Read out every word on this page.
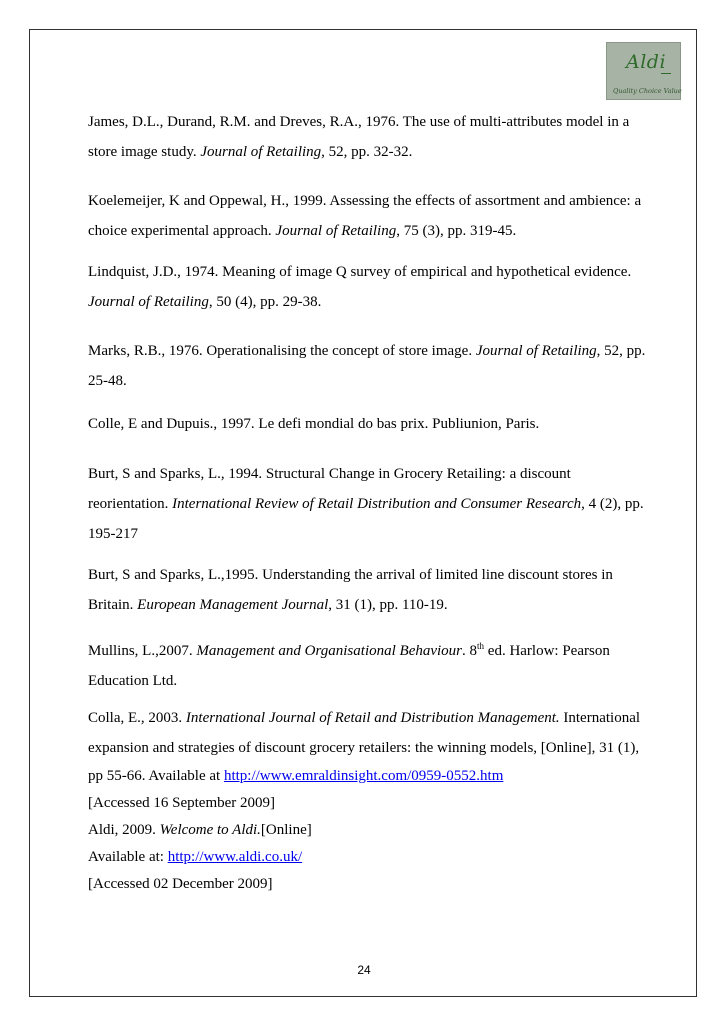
Aldi
Quality Choice Value
James, D.L., Durand, R.M. and Dreves, R.A., 1976. The use of multi-attributes model in a
store image study. Journal of Retailing, 52, pp. 32-32.
Koelemeijer, K and Oppewal, H., 1999. Assessing the effects of assortment and ambience: a
choice experimental approach. Journal of Retailing, 75 (3), pp. 319-45.
Lindquist, J.D., 1974. Meaning of image Q survey of empirical and hypothetical evidence.
Journal of Retailing, 50 (4), pp. 29-38.
Marks, R.B., 1976. Operationalising the concept of store image. Journal of Retailing, 52, pp.
25-48.
Colle, E and Dupuis., 1997. Le defi mondial do bas prix. Publiunion, Paris.
Burt, S and Sparks, L., 1994. Structural Change in Grocery Retailing: a discount
reorientation. International Review of Retail Distribution and Consumer Research, 4 (2), pp.
195-217
Burt, S and Sparks, L.,1995. Understanding the arrival of limited line discount stores in
Britain. European Management Journal, 31 (1), pp. 110-19.
Mullins, L.,2007. Management and Organisational Behaviour. 8th ed. Harlow: Pearson
Education Ltd.
Colla, E., 2003. International Journal of Retail and Distribution Management. International
expansion and strategies of discount grocery retailers: the winning models, [Online], 31 (1),
pp 55-66. Available at http://www.emraldinsight.com/0959-0552.htm
[Accessed 16 September 2009]
Aldi, 2009. Welcome to Aldi.[Online]
Available at: http://www.aldi.co.uk/
[Accessed 02 December 2009]
24
